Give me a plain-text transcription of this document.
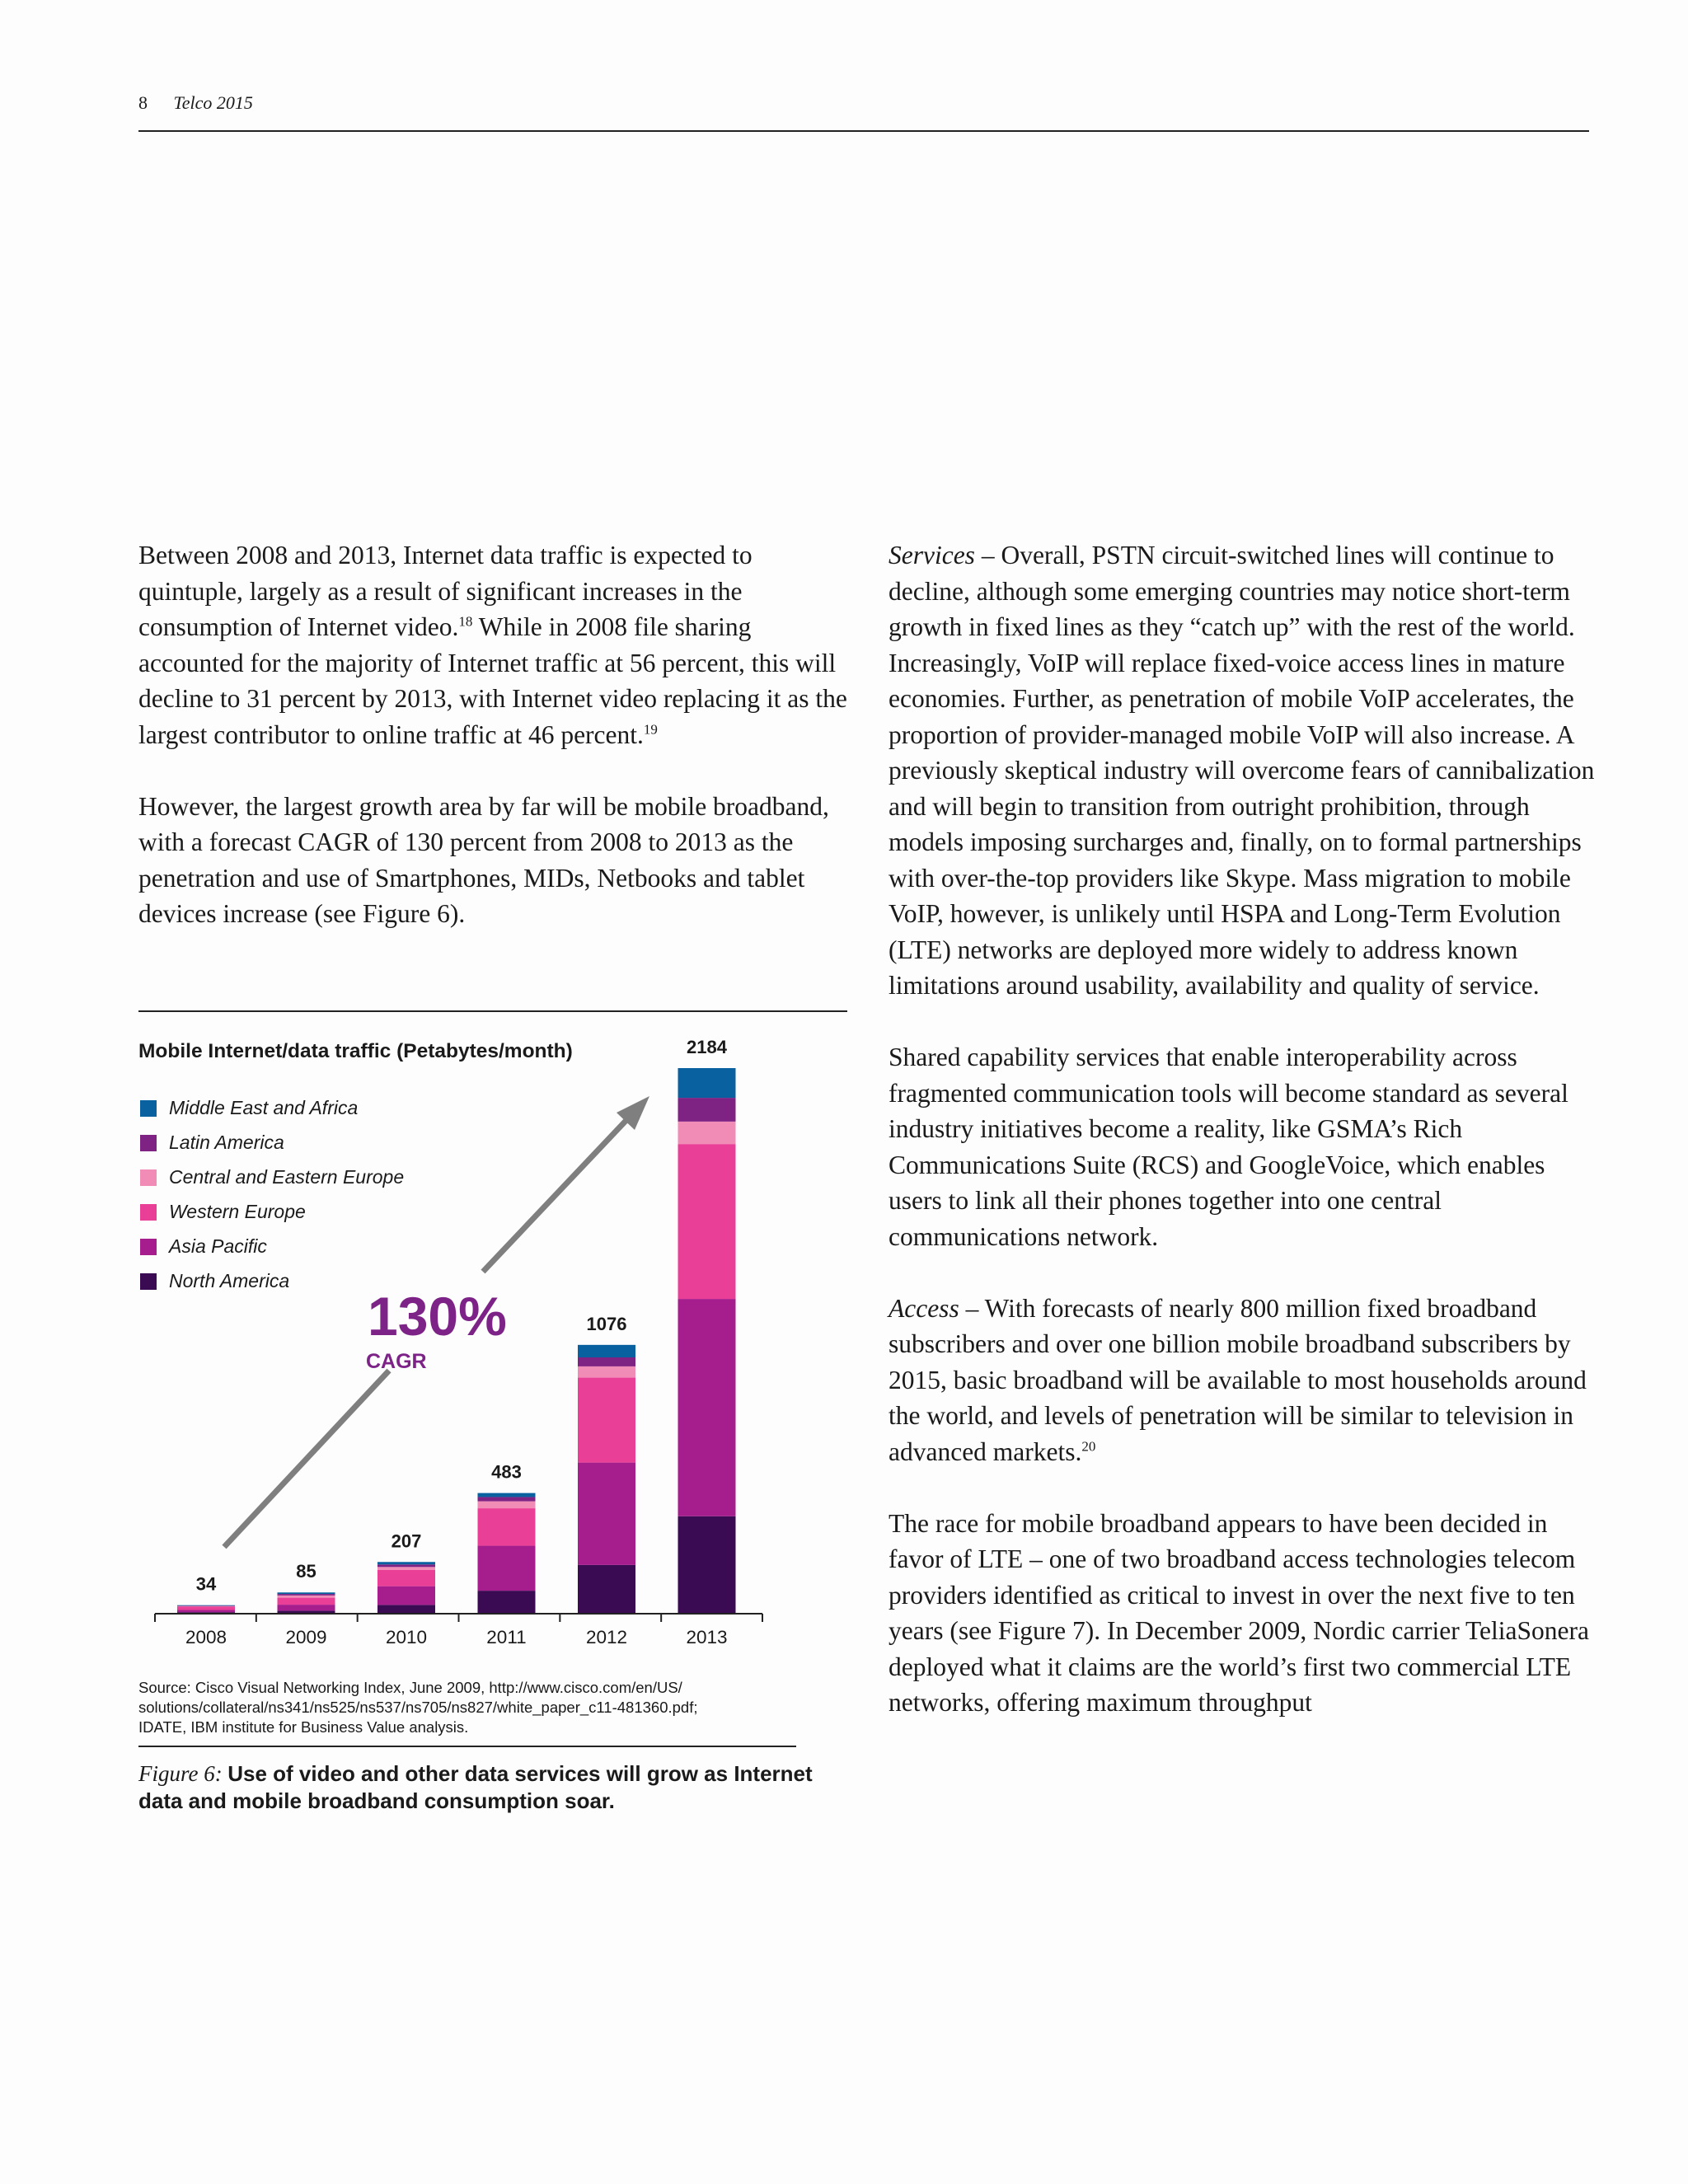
8 Telco 2015

Between 2008 and 2013, Internet data traffic is expected to quintuple, largely as a result of significant increases in the consumption of Internet video.$^{18}$ While in 2008 file sharing accounted for the majority of Internet traffic at 56 percent, this will decline to 31 percent by 2013, with Internet video replacing it as the largest contributor to online traffic at 46 percent.$^{19}$

However, the largest growth area by far will be mobile broadband, with a forecast CAGR of 130 percent from 2008 to 2013 as the penetration and use of Smartphones, MIDs, Netbooks and tablet devices increase (see Figure 6).

Middle East and Africa
Latin America
Central and Eastern Europe
Western Europe
Asia Pacific
North America
34
85
207
483
1076
2184
2008	2009	2010	2011	2012	2013
Mobile Internet/data traffic (Petabytes/month)
130%
CAGR
Source: Cisco Visual Networking Index, June 2009, http://www.cisco.com/en/US/
solutions/collateral/ns341/ns525/ns537/ns705/ns827/white_paper_c11-481360.pdf;
IDATE, IBM institute for Business Value analysis.
Figure 6: Use of video and other data services will grow as Internet data and mobile broadband consumption soar.

Services – Overall, PSTN circuit-switched lines will continue to decline, although some emerging countries may notice short-term growth in fixed lines as they “catch up” with the rest of the world. Increasingly, VoIP will replace fixed-voice access lines in mature economies. Further, as penetration of mobile VoIP accelerates, the proportion of provider-managed mobile VoIP will also increase. A previously skeptical industry will overcome fears of cannibalization and will begin to transition from outright prohibition, through models imposing surcharges and, finally, on to formal partnerships with over-the-top providers like Skype. Mass migration to mobile VoIP, however, is unlikely until HSPA and Long-Term Evolution (LTE) networks are deployed more widely to address known limitations around usability, availability and quality of service.

Shared capability services that enable interoperability across fragmented communication tools will become standard as several industry initiatives become a reality, like GSMA’s Rich Communications Suite (RCS) and GoogleVoice, which enables users to link all their phones together into one central communications network.

Access – With forecasts of nearly 800 million fixed broadband subscribers and over one billion mobile broadband subscribers by 2015, basic broadband will be available to most households around the world, and levels of penetration will be similar to television in advanced markets.$^{20}$

The race for mobile broadband appears to have been decided in favor of LTE – one of two broadband access technologies telecom providers identified as critical to invest in over the next five to ten years (see Figure 7). In December 2009, Nordic carrier TeliaSonera deployed what it claims are the world’s first two commercial LTE networks, offering maximum throughput
